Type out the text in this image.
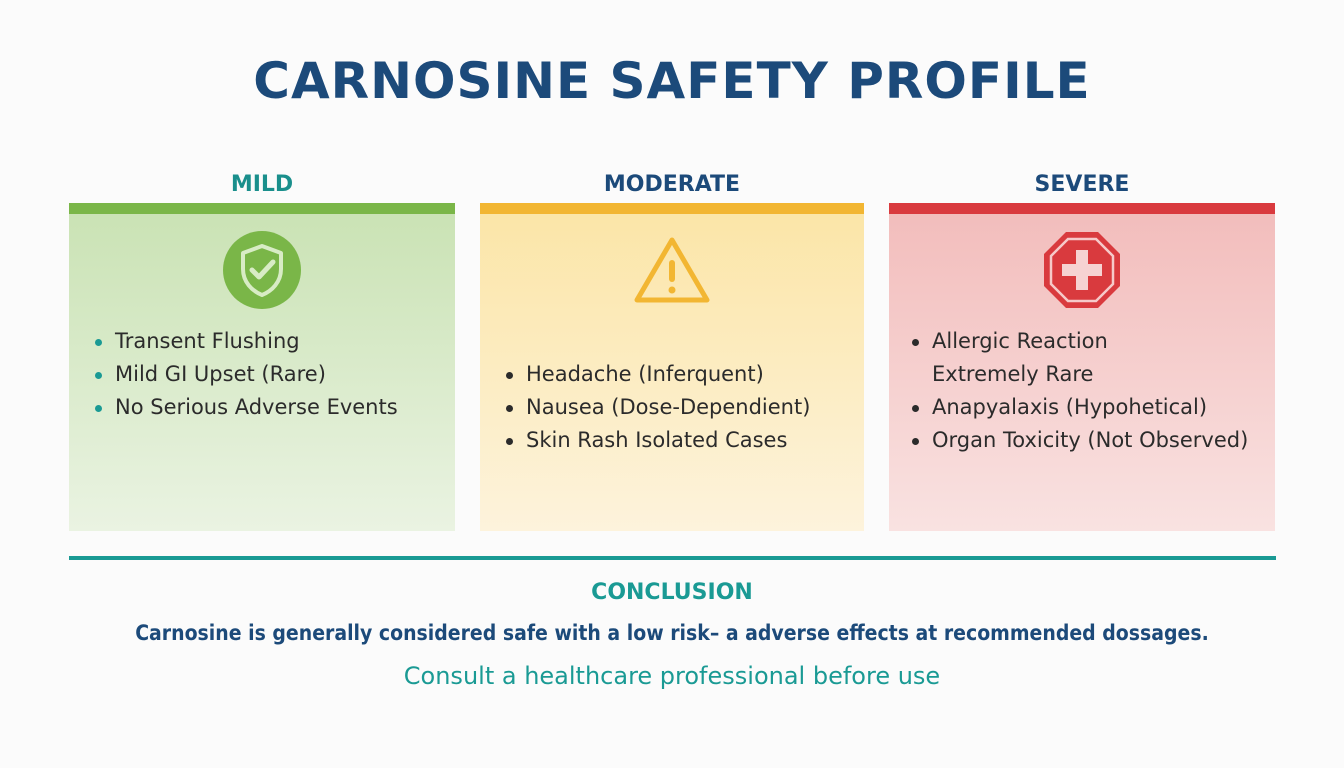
CARNOSINE SAFETY PROFILE
MILD
Transent Flushing
Mild GI Upset (Rare)
No Serious Adverse Events
MODERATE
Headache (Inferquent)
Nausea (Dose-Dependient)
Skin Rash Isolated Cases
SEVERE
Allergic Reaction
Extremely Rare
Anapyalaxis (Hypohetical)
Organ Toxicity (Not Observed)
CONCLUSION
Carnosine is generally considered safe with a low risk– a adverse effects at recommended dossages.
Consult a healthcare professional before use
